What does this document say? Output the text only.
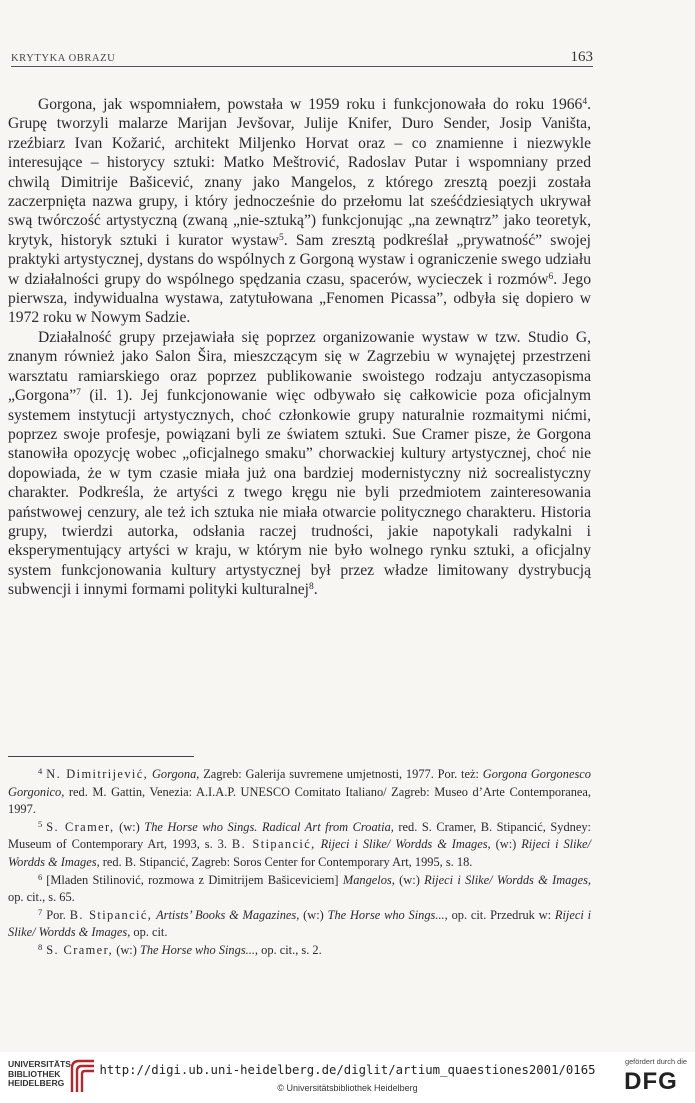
KRYTYKA OBRAZU	163

Gorgona, jak wspomniałem, powstała w 1959 roku i funkcjonowała do roku 1966$^4$. Grupę tworzyli malarze Marijan Jevšovar, Julije Knifer, Duro Sender, Josip Vaništa, rzeźbiarz Ivan Kožarić, architekt Miljenko Horvat oraz – co znamienne i niezwykle interesujące – historycy sztuki: Matko Meštrović, Radoslav Putar i wspomniany przed chwilą Dimitrije Bašicević, znany jako Mangelos, z którego zresztą poezji została zaczerpnięta nazwa grupy, i który jednocześnie do przełomu lat sześćdziesiątych ukrywał swą twórczość artystyczną (zwaną „nie-sztuką”) funkcjonując „na zewnątrz” jako teoretyk, krytyk, historyk sztuki i kurator wystaw$^5$. Sam zresztą podkreślał „prywatność” swojej praktyki artystycznej, dystans do wspólnych z Gorgoną wystaw i ograniczenie swego udziału w działalności grupy do wspólnego spędzania czasu, spacerów, wycieczek i rozmów$^6$. Jego pierwsza, indywidualna wystawa, zatytułowana „Fenomen Picassa”, odbyła się dopiero w 1972 roku w Nowym Sadzie.

Działalność grupy przejawiała się poprzez organizowanie wystaw w tzw. Studio G, znanym również jako Salon Šira, mieszczącym się w Zagrzebiu w wynajętej przestrzeni warsztatu ramiarskiego oraz poprzez publikowanie swoistego rodzaju antyczasopisma „Gorgona”$^7$ (il. 1). Jej funkcjonowanie więc odbywało się całkowicie poza oficjalnym systemem instytucji artystycznych, choć członkowie grupy naturalnie rozmaitymi nićmi, poprzez swoje profesje, powiązani byli ze światem sztuki. Sue Cramer pisze, że Gorgona stanowiła opozycję wobec „oficjalnego smaku” chorwackiej kultury artystycznej, choć nie dopowiada, że w tym czasie miała już ona bardziej modernistyczny niż socrealistyczny charakter. Podkreśla, że artyści z twego kręgu nie byli przedmiotem zainteresowania państwowej cenzury, ale też ich sztuka nie miała otwarcie politycznego charakteru. Historia grupy, twierdzi autorka, odsłania raczej trudności, jakie napotykali radykalni i eksperymentujący artyści w kraju, w którym nie było wolnego rynku sztuki, a oficjalny system funkcjonowania kultury artystycznej był przez władze limitowany dystrybucją subwencji i innymi formami polityki kulturalnej$^8$.

$^4$ N. Dimitrijević, Gorgona, Zagreb: Galerija suvremene umjetnosti, 1977. Por. też: Gorgona Gorgonesco Gorgonico, red. M. Gattin, Venezia: A.I.A.P. UNESCO Comitato Italiano/ Zagreb: Museo d’Arte Contemporanea, 1997.

$^5$ S. Cramer, (w:) The Horse who Sings. Radical Art from Croatia, red. S. Cramer, B. Stipancić, Sydney: Museum of Contemporary Art, 1993, s. 3. B. Stipancić, Rijeci i Slike/ Wordds & Images, (w:) Rijeci i Slike/ Wordds & Images, red. B. Stipancić, Zagreb: Soros Center for Contemporary Art, 1995, s. 18.

$^6$ [Mladen Stilinović, rozmowa z Dimitrijem Bašiceviciem] Mangelos, (w:) Rijeci i Slike/ Wordds & Images, op. cit., s. 65.

$^7$ Por. B. Stipancić, Artists’ Books & Magazines, (w:) The Horse who Sings..., op. cit. Przedruk w: Rijeci i Slike/ Wordds & Images, op. cit.

$^8$ S. Cramer, (w:) The Horse who Sings..., op. cit., s. 2.

UNIVERSITÄTS-
BIBLIOTHEK
HEIDELBERG
http://digi.ub.uni-heidelberg.de/diglit/artium_quaestiones2001/0165
© Universitätsbibliothek Heidelberg
gefördert durch die
DFG
